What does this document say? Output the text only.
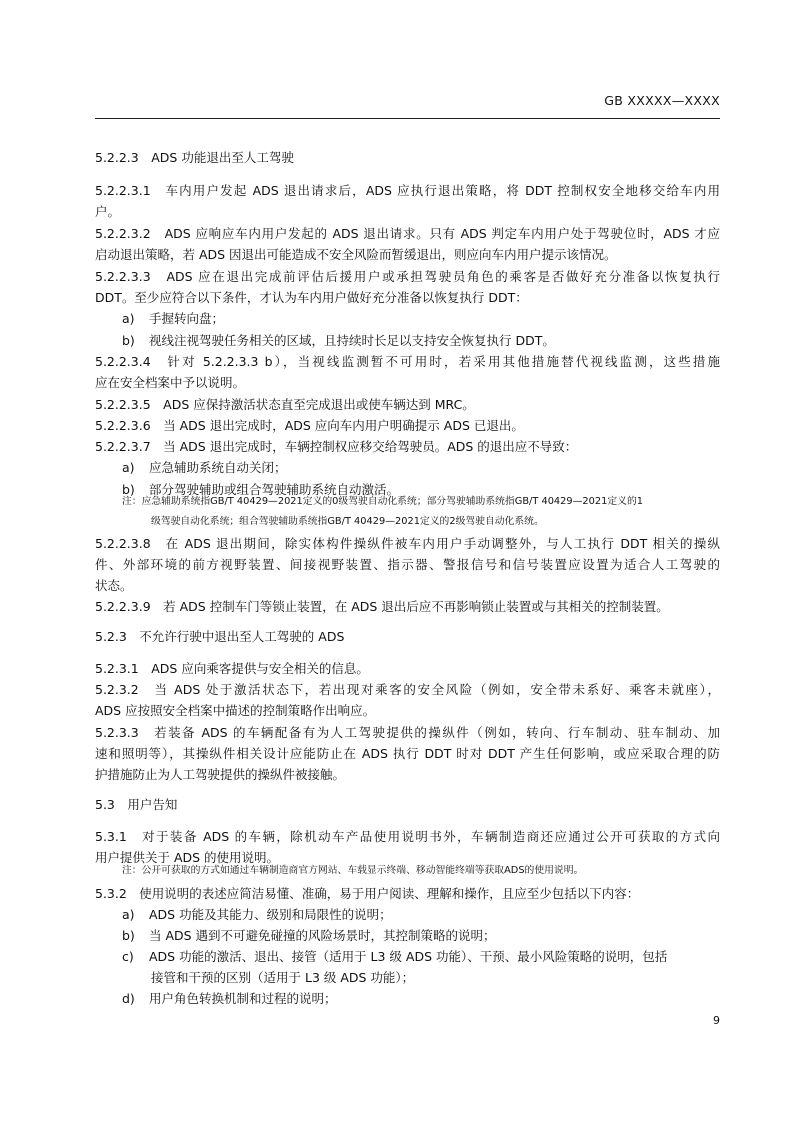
GB XXXXX—XXXX
5.2.2.3　ADS 功能退出至人工驾驶
5.2.2.3.1　车内用户发起 ADS 退出请求后，ADS 应执行退出策略，将 DDT 控制权安全地移交给车内用
户。
5.2.2.3.2　ADS 应响应车内用户发起的 ADS 退出请求。只有 ADS 判定车内用户处于驾驶位时，ADS 才应
启动退出策略，若 ADS 因退出可能造成不安全风险而暂缓退出，则应向车内用户提示该情况。
5.2.2.3.3　ADS 应在退出完成前评估后援用户或承担驾驶员角色的乘客是否做好充分准备以恢复执行
DDT。至少应符合以下条件，才认为车内用户做好充分准备以恢复执行 DDT：
a) 手握转向盘；
b) 视线注视驾驶任务相关的区域，且持续时长足以支持安全恢复执行 DDT。
5.2.2.3.4　针对 5.2.2.3.3 b），当视线监测暂不可用时，若采用其他措施替代视线监测，这些措施
应在安全档案中予以说明。
5.2.2.3.5　ADS 应保持激活状态直至完成退出或使车辆达到 MRC。
5.2.2.3.6　当 ADS 退出完成时，ADS 应向车内用户明确提示 ADS 已退出。
5.2.2.3.7　当 ADS 退出完成时，车辆控制权应移交给驾驶员。ADS 的退出应不导致：
a) 应急辅助系统自动关闭；
b) 部分驾驶辅助或组合驾驶辅助系统自动激活。
注：应急辅助系统指GB/T 40429—2021定义的0级驾驶自动化系统；部分驾驶辅助系统指GB/T 40429—2021定义的1
级驾驶自动化系统；组合驾驶辅助系统指GB/T 40429—2021定义的2级驾驶自动化系统。
5.2.2.3.8　在 ADS 退出期间，除实体构件操纵件被车内用户手动调整外，与人工执行 DDT 相关的操纵
件、外部环境的前方视野装置、间接视野装置、指示器、警报信号和信号装置应设置为适合人工驾驶的
状态。
5.2.2.3.9　若 ADS 控制车门等锁止装置，在 ADS 退出后应不再影响锁止装置或与其相关的控制装置。
5.2.3　不允许行驶中退出至人工驾驶的 ADS
5.2.3.1　ADS 应向乘客提供与安全相关的信息。
5.2.3.2　当 ADS 处于激活状态下，若出现对乘客的安全风险（例如，安全带未系好、乘客未就座），
ADS 应按照安全档案中描述的控制策略作出响应。
5.2.3.3　若装备 ADS 的车辆配备有为人工驾驶提供的操纵件（例如，转向、行车制动、驻车制动、加
速和照明等），其操纵件相关设计应能防止在 ADS 执行 DDT 时对 DDT 产生任何影响，或应采取合理的防
护措施防止为人工驾驶提供的操纵件被接触。
5.3　用户告知
5.3.1　对于装备 ADS 的车辆，除机动车产品使用说明书外，车辆制造商还应通过公开可获取的方式向
用户提供关于 ADS 的使用说明。
注：公开可获取的方式如通过车辆制造商官方网站、车载显示终端、移动智能终端等获取ADS的使用说明。
5.3.2　使用说明的表述应简洁易懂、准确，易于用户阅读、理解和操作，且应至少包括以下内容：
a) ADS 功能及其能力、级别和局限性的说明；
b) 当 ADS 遇到不可避免碰撞的风险场景时，其控制策略的说明；
c) ADS 功能的激活、退出、接管（适用于 L3 级 ADS 功能）、干预、最小风险策略的说明，包括
接管和干预的区别（适用于 L3 级 ADS 功能）；
d) 用户角色转换机制和过程的说明；
9
